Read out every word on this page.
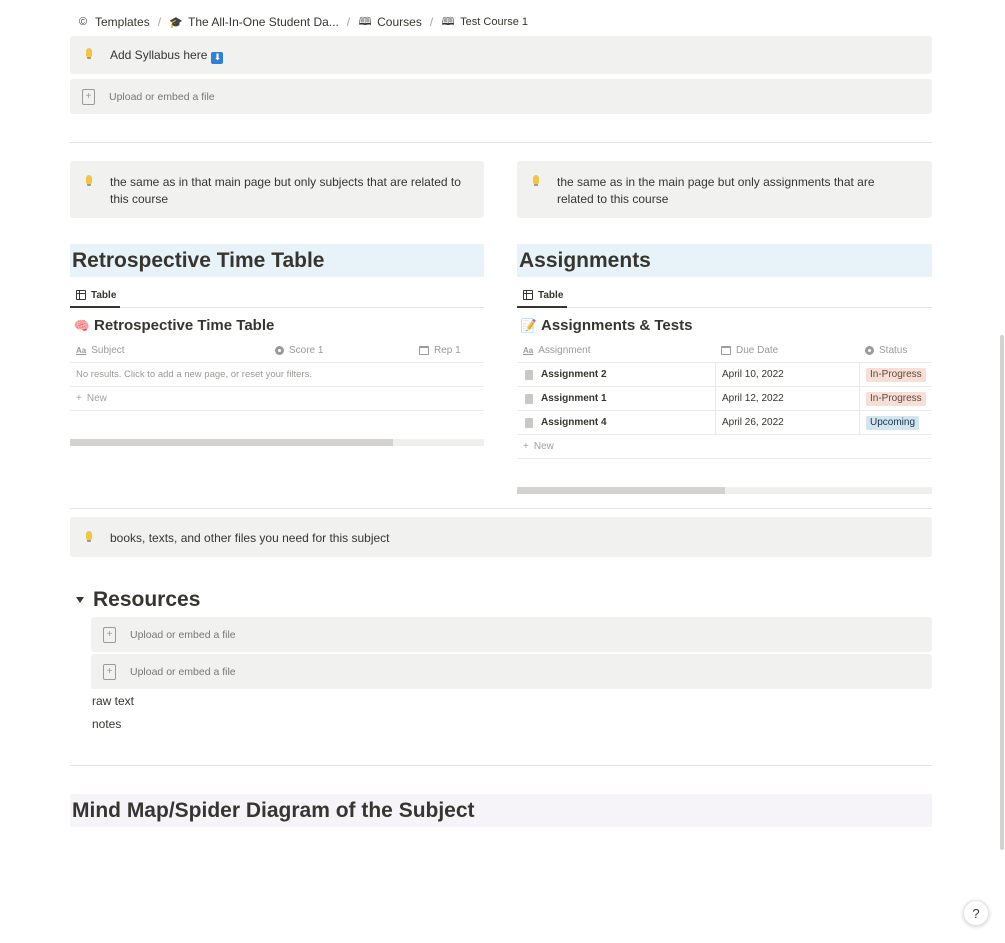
© Templates / 🎓 The All-In-One Student Da... / 🕮 Courses / 🕮 Test Course 1
Add Syllabus here ⬇
+
Upload or embed a file
the same as in that main page but only subjects that are related to this course
the same as in the main page but only assignments that are related to this course
Retrospective Time Table
Table
🧠 Retrospective Time Table
Aa Subject	Score 1	Rep 1
No results. Click to add a new page, or reset your filters.
+ New
Assignments
Table
📝 Assignments & Tests
Aa Assignment	Due Date	Status
Assignment 2	April 10, 2022	In-Progress
Assignment 1	April 12, 2022	In-Progress
Assignment 4	April 26, 2022	Upcoming
+ New
books, texts, and other files you need for this subject
Resources
+
Upload or embed a file
+
Upload or embed a file
raw text
notes
Mind Map/Spider Diagram of the Subject
?
